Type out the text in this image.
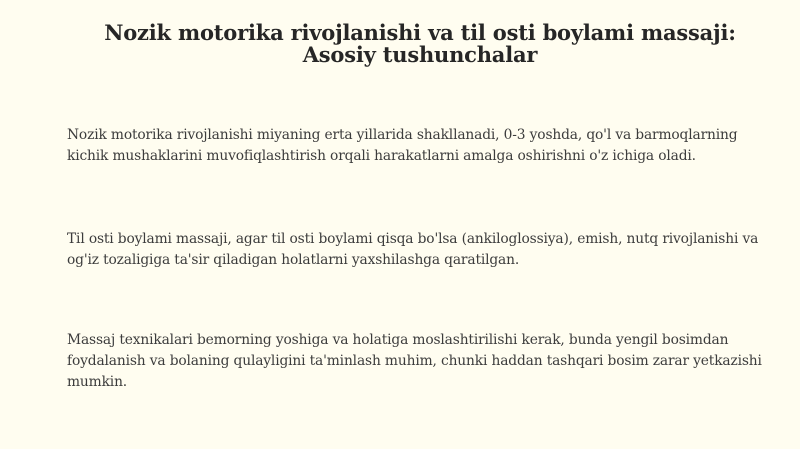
Nozik motorika rivojlanishi va til osti boylami massaji: Asosiy tushunchalar

Nozik motorika rivojlanishi miyaning erta yillarida shakllanadi, 0-3 yoshda, qo'l va barmoqlarning kichik mushaklarini muvofiqlashtirish orqali harakatlarni amalga oshirishni o'z ichiga oladi.

Til osti boylami massaji, agar til osti boylami qisqa bo'lsa (ankiloglossiya), emish, nutq rivojlanishi va og'iz tozaligiga ta'sir qiladigan holatlarni yaxshilashga qaratilgan.

Massaj texnikalari bemorning yoshiga va holatiga moslashtirilishi kerak, bunda yengil bosimdan foydalanish va bolaning qulayligini ta'minlash muhim, chunki haddan tashqari bosim zarar yetkazishi mumkin.
